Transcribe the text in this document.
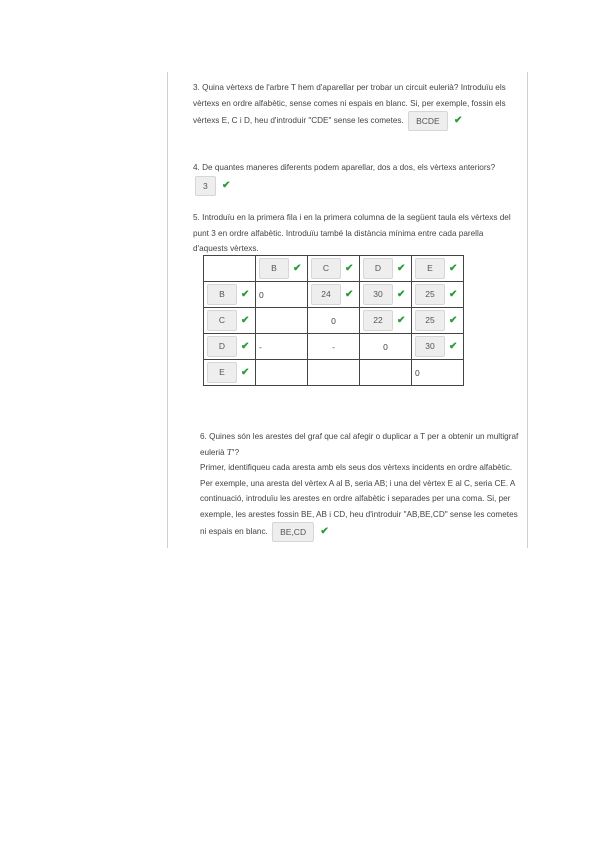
3. Quina vèrtexs de l'arbre T hem d'aparellar per trobar un circuit eulerià? Introduïu els vèrtexs en ordre alfabètic, sense comes ni espais en blanc. Si, per exemple, fossin els vèrtexs E, C i D, heu d'introduir "CDE" sense les cometes. BCDE ✔
4. De quantes maneres diferents podem aparellar, dos a dos, els vèrtexs anteriors? 3 ✔
5. Introduïu en la primera fila i en la primera columna de la següent taula els vèrtexs del punt 3 en ordre alfabètic. Introduïu també la distància mínima entre cada parella d'aquests vèrtexs.

	B ✔	C ✔	D ✔	E ✔

B ✔	0	24 ✔	30 ✔	25 ✔

C ✔		0	22 ✔	25 ✔

D ✔	-	-	0	30 ✔

E ✔				0
6. Quines són les arestes del graf que cal afegir o duplicar a T per a obtenir un multigraf eulerià T'?
Primer, identifiqueu cada aresta amb els seus dos vèrtexs incidents en ordre alfabètic. Per exemple, una aresta del vèrtex A al B, seria AB; i una del vèrtex E al C, seria CE. A continuació, introduïu les arestes en ordre alfabètic i separades per una coma. Si, per exemple, les arestes fossin BE, AB i CD, heu d'introduir "AB,BE,CD" sense les cometes ni espais en blanc. BE,CD ✔
